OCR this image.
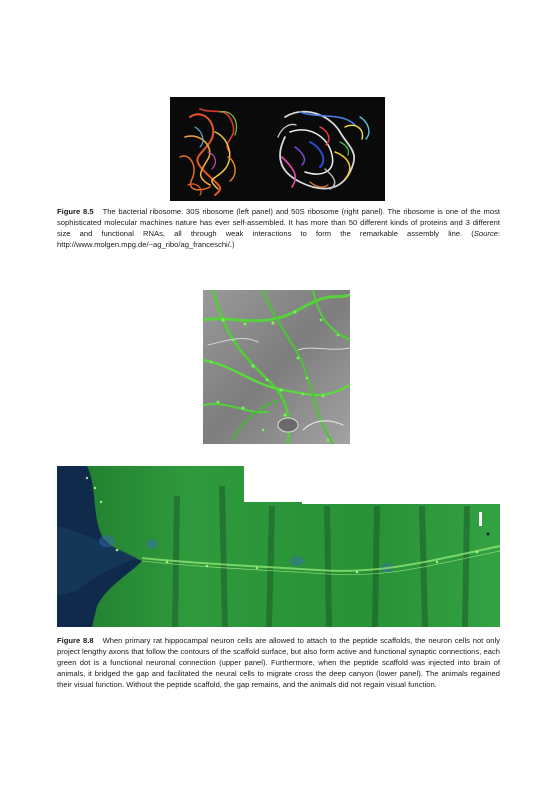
Figure 8.5 The bacterial ribosome. 30S ribosome (left panel) and 50S ribosome (right panel). The ribosome is one of the most sophisticated molecular machines nature has ever self-assembled. It has more than 50 different kinds of proteins and 3 different size and functional RNAs, all through weak interactions to form the remarkable assembly line. (Source: http://www.molgen.mpg.de/~ag_ribo/ag_franceschi/.)
Figure 8.8 When primary rat hippocampal neuron cells are allowed to attach to the peptide scaffolds, the neuron cells not only project lengthy axons that follow the contours of the scaffold surface, but also form active and functional synaptic connections, each green dot is a functional neuronal connection (upper panel). Furthermore, when the peptide scaffold was injected into brain of animals, it bridged the gap and facilitated the neural cells to migrate cross the deep canyon (lower panel). The animals regained their visual function. Without the peptide scaffold, the gap remains, and the animals did not regain visual function.
